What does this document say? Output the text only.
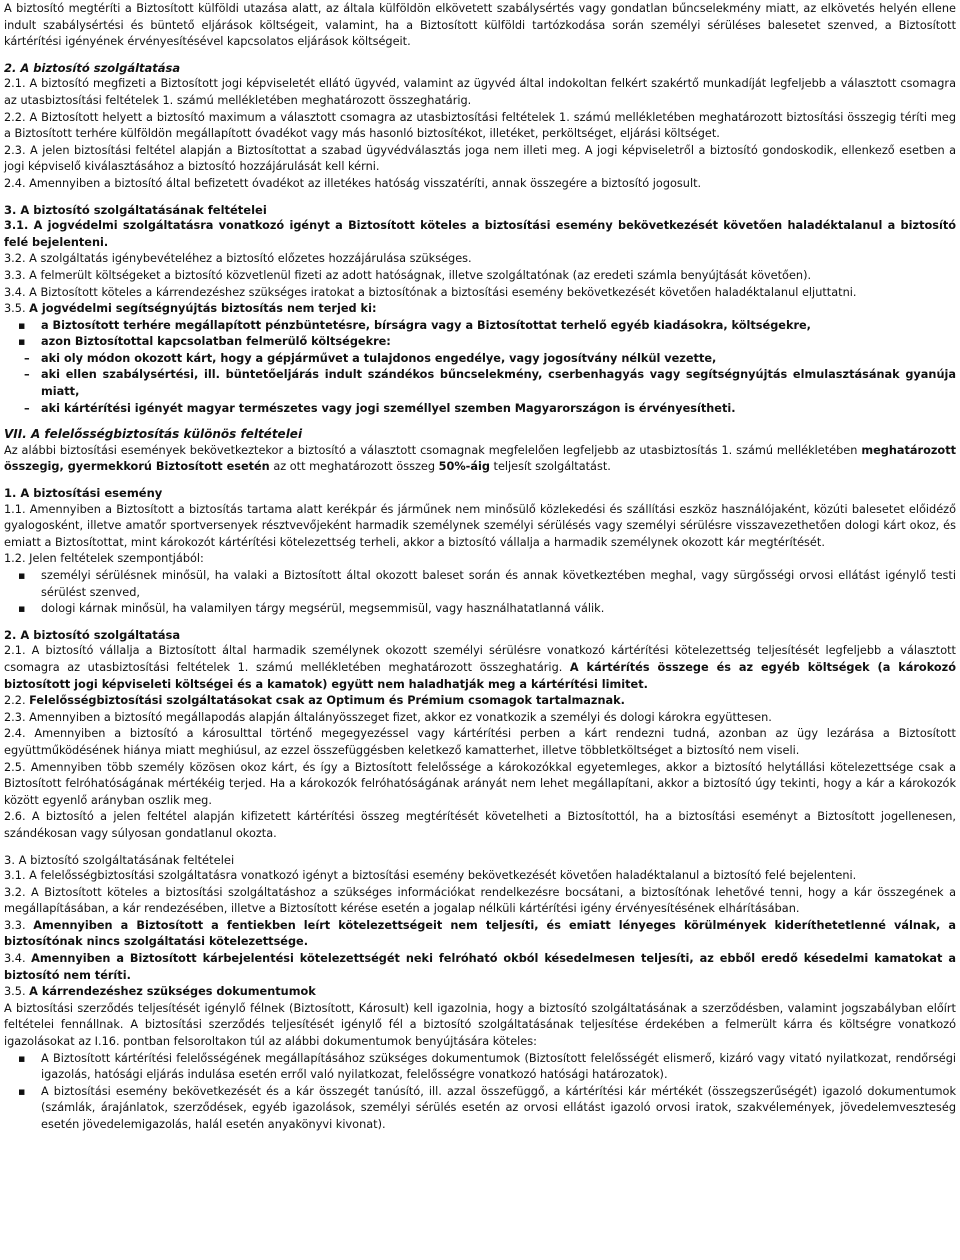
A biztosító megtéríti a Biztosított külföldi utazása alatt, az általa külföldön elkövetett szabálysértés vagy gondatlan bűncselekmény miatt, az elkövetés helyén ellene indult szabálysértési és büntető eljárások költségeit, valamint, ha a Biztosított külföldi tartózkodása során személyi sérüléses balesetet szenved, a Biztosított kártérítési igényének érvényesítésével kapcsolatos eljárások költségeit.

2. A biztosító szolgáltatása

2.1. A biztosító megfizeti a Biztosított jogi képviseletét ellátó ügyvéd, valamint az ügyvéd által indokoltan felkért szakértő munkadíját legfeljebb a választott csomagra az utasbiztosítási feltételek 1. számú mellékletében meghatározott összeghatárig.

2.2. A Biztosított helyett a biztosító maximum a választott csomagra az utasbiztosítási feltételek 1. számú mellékletében meghatározott biztosítási összegig téríti meg a Biztosított terhére külföldön megállapított óvadékot vagy más hasonló biztosítékot, illetéket, perköltséget, eljárási költséget.

2.3. A jelen biztosítási feltétel alapján a Biztosítottat a szabad ügyvédválasztás joga nem illeti meg. A jogi képviseletről a biztosító gondoskodik, ellenkező esetben a jogi képviselő kiválasztásához a biztosító hozzájárulását kell kérni.

2.4. Amennyiben a biztosító által befizetett óvadékot az illetékes hatóság visszatéríti, annak összegére a biztosító jogosult.

3. A biztosító szolgáltatásának feltételei

3.1. A jogvédelmi szolgáltatásra vonatkozó igényt a Biztosított köteles a biztosítási esemény bekövetkezését követően haladéktalanul a biztosító felé bejelenteni.

3.2. A szolgáltatás igénybevételéhez a biztosító előzetes hozzájárulása szükséges.

3.3. A felmerült költségeket a biztosító közvetlenül fizeti az adott hatóságnak, illetve szolgáltatónak (az eredeti számla benyújtását követően).

3.4. A Biztosított köteles a kárrendezéshez szükséges iratokat a biztosítónak a biztosítási esemény bekövetkezését követően haladéktalanul eljuttatni.

3.5. A jogvédelmi segítségnyújtás biztosítás nem terjed ki:

▪ a Biztosított terhére megállapított pénzbüntetésre, bírságra vagy a Biztosítottat terhelő egyéb kiadásokra, költségekre,
▪ azon Biztosítottal kapcsolatban felmerülő költségekre:
– aki oly módon okozott kárt, hogy a gépjárművet a tulajdonos engedélye, vagy jogosítvány nélkül vezette,
– aki ellen szabálysértési, ill. büntetőeljárás indult szándékos bűncselekmény, cserbenhagyás vagy segítségnyújtás elmulasztásának gyanúja miatt,
– aki kártérítési igényét magyar természetes vagy jogi személlyel szemben Magyarországon is érvényesítheti.
VII. A felelősségbiztosítás különös feltételei

Az alábbi biztosítási események bekövetkeztekor a biztosító a választott csomagnak megfelelően legfeljebb az utasbiztosítás 1. számú mellékletében meghatározott összegig, gyermekkorú Biztosított esetén az ott meghatározott összeg 50%-áig teljesít szolgáltatást.

1. A biztosítási esemény

1.1. Amennyiben a Biztosított a biztosítás tartama alatt kerékpár és járműnek nem minősülő közlekedési és szállítási eszköz használójaként, közúti balesetet előidéző gyalogosként, illetve amatőr sportversenyek résztvevőjeként harmadik személynek személyi sérülésés vagy személyi sérülésre visszavezethetően dologi kárt okoz, és emiatt a Biztosítottat, mint károkozót kártérítési kötelezettség terheli, akkor a biztosító vállalja a harmadik személynek okozott kár megtérítését.

1.2. Jelen feltételek szempontjából:

▪ személyi sérülésnek minősül, ha valaki a Biztosított által okozott baleset során és annak következtében meghal, vagy sürgősségi orvosi ellátást igénylő testi sérülést szenved,
▪ dologi kárnak minősül, ha valamilyen tárgy megsérül, megsemmisül, vagy használhatatlanná válik.
2. A biztosító szolgáltatása

2.1. A biztosító vállalja a Biztosított által harmadik személynek okozott személyi sérülésre vonatkozó kártérítési kötelezettség teljesítését legfeljebb a választott csomagra az utasbiztosítási feltételek 1. számú mellékletében meghatározott összeghatárig. A kártérítés összege és az egyéb költségek (a károkozó biztosított jogi képviseleti költségei és a kamatok) együtt nem haladhatják meg a kártérítési limitet.

2.2. Felelősségbiztosítási szolgáltatásokat csak az Optimum és Prémium csomagok tartalmaznak.

2.3. Amennyiben a biztosító megállapodás alapján általányösszeget fizet, akkor ez vonatkozik a személyi és dologi károkra együttesen.

2.4. Amennyiben a biztosító a károsulttal történő megegyezéssel vagy kártérítési perben a kárt rendezni tudná, azonban az ügy lezárása a Biztosított együttműködésének hiánya miatt meghiúsul, az ezzel összefüggésben keletkező kamatterhet, illetve többletköltséget a biztosító nem viseli.

2.5. Amennyiben több személy közösen okoz kárt, és így a Biztosított felelőssége a károkozókkal egyetemleges, akkor a biztosító helytállási kötelezettsége csak a Biztosított felróhatóságának mértékéig terjed. Ha a károkozók felróhatóságának arányát nem lehet megállapítani, akkor a biztosító úgy tekinti, hogy a kár a károkozók között egyenlő arányban oszlik meg.

2.6. A biztosító a jelen feltétel alapján kifizetett kártérítési összeg megtérítését követelheti a Biztosítottól, ha a biztosítási eseményt a Biztosított jogellenesen, szándékosan vagy súlyosan gondatlanul okozta.

3. A biztosító szolgáltatásának feltételei

3.1. A felelősségbiztosítási szolgáltatásra vonatkozó igényt a biztosítási esemény bekövetkezését követően haladéktalanul a biztosító felé bejelenteni.

3.2. A Biztosított köteles a biztosítási szolgáltatáshoz a szükséges információkat rendelkezésre bocsátani, a biztosítónak lehetővé tenni, hogy a kár összegének a megállapításában, a kár rendezésében, illetve a Biztosított kérése esetén a jogalap nélküli kártérítési igény érvényesítésének elhárításában.

3.3. Amennyiben a Biztosított a fentiekben leírt kötelezettségeit nem teljesíti, és emiatt lényeges körülmények kideríthetetlenné válnak, a biztosítónak nincs szolgáltatási kötelezettsége.

3.4. Amennyiben a Biztosított kárbejelentési kötelezettségét neki felróható okból késedelmesen teljesíti, az ebből eredő késedelmi kamatokat a biztosító nem téríti.

3.5. A kárrendezéshez szükséges dokumentumok

A biztosítási szerződés teljesítését igénylő félnek (Biztosított, Károsult) kell igazolnia, hogy a biztosító szolgáltatásának a szerződésben, valamint jogszabályban előírt feltételei fennállnak. A biztosítási szerződés teljesítését igénylő fél a biztosító szolgáltatásának teljesítése érdekében a felmerült kárra és költségre vonatkozó igazolásokat az I.16. pontban felsoroltakon túl az alábbi dokumentumok benyújtására köteles:

▪ A Biztosított kártérítési felelősségének megállapításához szükséges dokumentumok (Biztosított felelősségét elismerő, kizáró vagy vitató nyilatkozat, rendőrségi igazolás, hatósági eljárás indulása esetén erről való nyilatkozat, felelősségre vonatkozó hatósági határozatok).
▪ A biztosítási esemény bekövetkezését és a kár összegét tanúsító, ill. azzal összefüggő, a kártérítési kár mértékét (összegszerűségét) igazoló dokumentumok (számlák, árajánlatok, szerződések, egyéb igazolások, személyi sérülés esetén az orvosi ellátást igazoló orvosi iratok, szakvélemények, jövedelemveszteség esetén jövedelemigazolás, halál esetén anyakönyvi kivonat).
